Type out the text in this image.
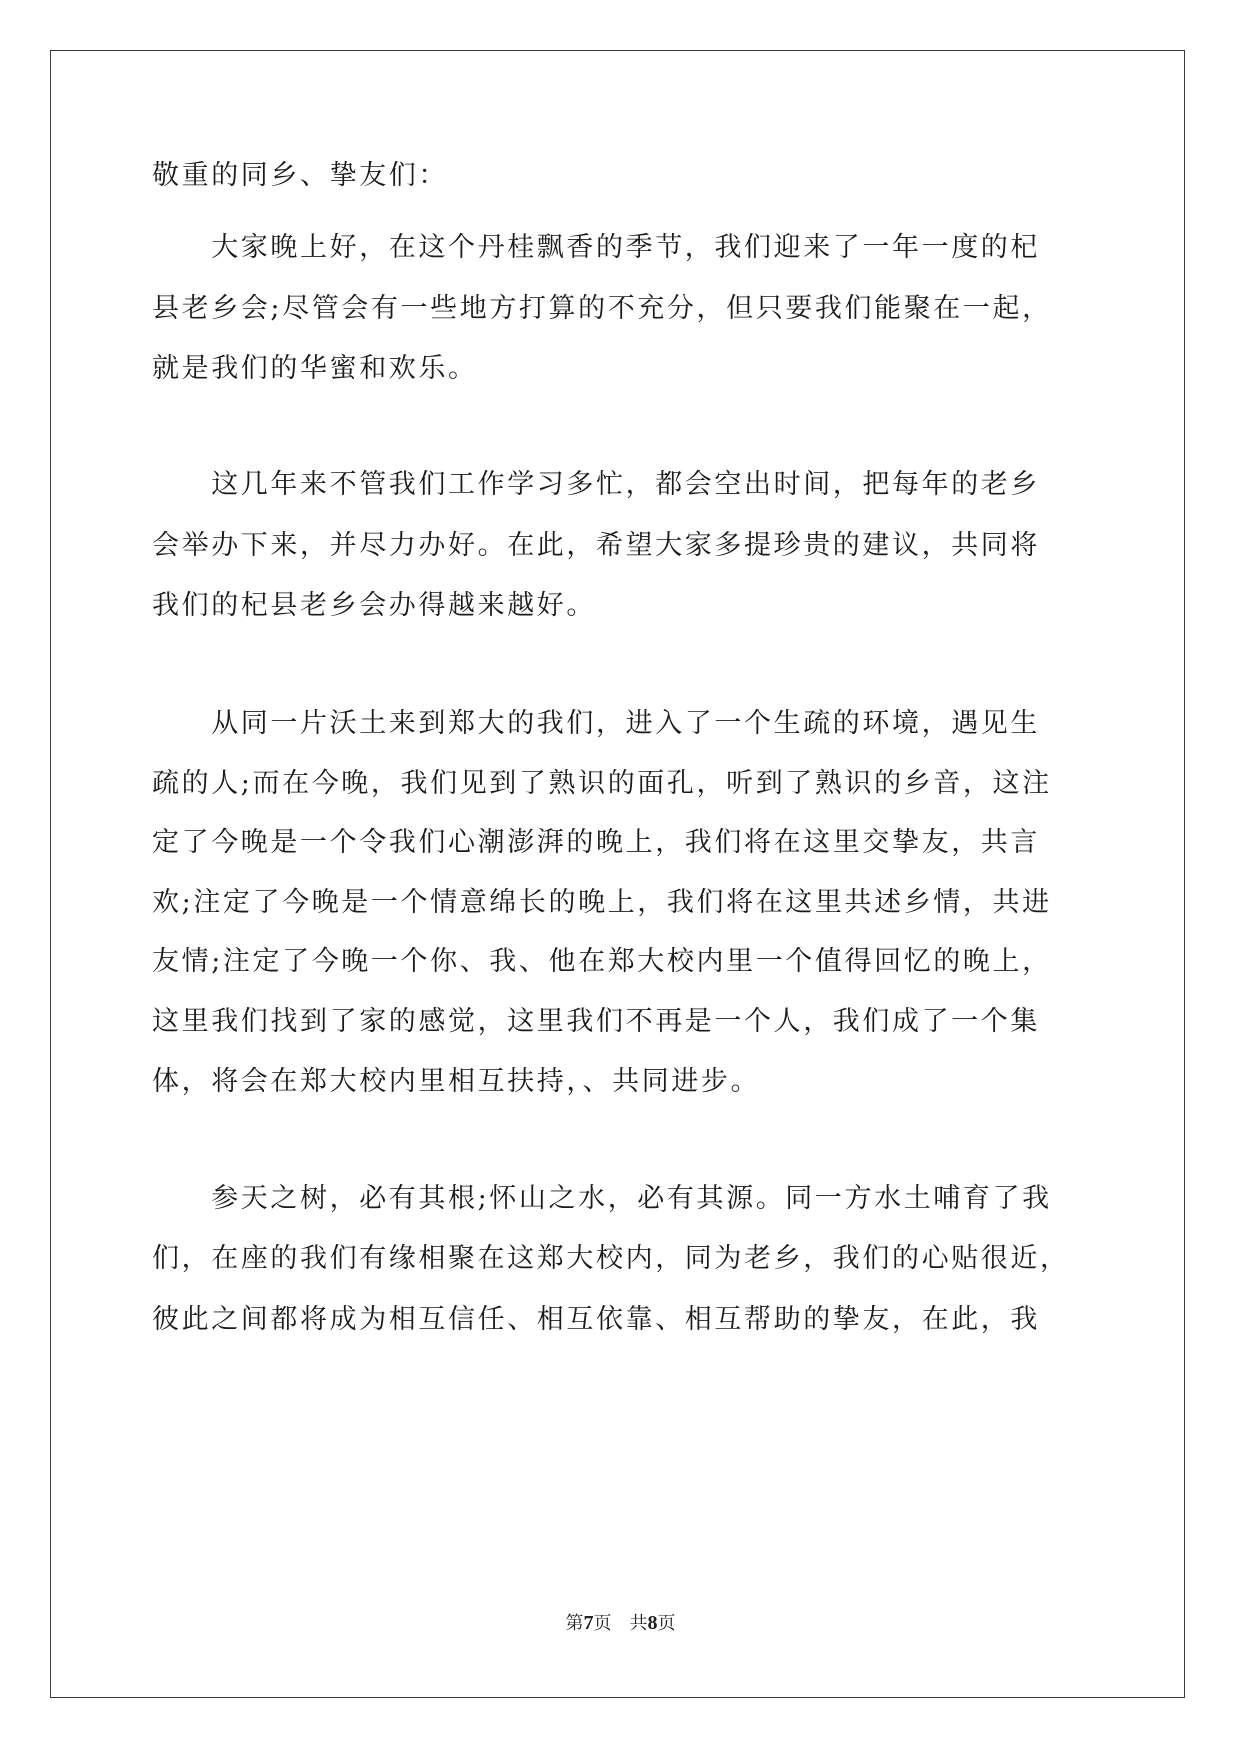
敬重的同乡、挚友们：
　　大家晚上好，在这个丹桂飘香的季节，我们迎来了一年一度的杞
县老乡会;尽管会有一些地方打算的不充分，但只要我们能聚在一起，
就是我们的华蜜和欢乐。
　　这几年来不管我们工作学习多忙，都会空出时间，把每年的老乡
会举办下来，并尽力办好。在此，希望大家多提珍贵的建议，共同将
我们的杞县老乡会办得越来越好。
　　从同一片沃土来到郑大的我们，进入了一个生疏的环境，遇见生
疏的人;而在今晚，我们见到了熟识的面孔，听到了熟识的乡音，这注
定了今晚是一个令我们心潮澎湃的晚上，我们将在这里交挚友，共言
欢;注定了今晚是一个情意绵长的晚上，我们将在这里共述乡情，共进
友情;注定了今晚一个你、我、他在郑大校内里一个值得回忆的晚上，
这里我们找到了家的感觉，这里我们不再是一个人，我们成了一个集
体，将会在郑大校内里相互扶持，、共同进步。
　　参天之树，必有其根;怀山之水，必有其源。同一方水土哺育了我
们，在座的我们有缘相聚在这郑大校内，同为老乡，我们的心贴很近，
彼此之间都将成为相互信任、相互依靠、相互帮助的挚友，在此，我
第7页 共8页
